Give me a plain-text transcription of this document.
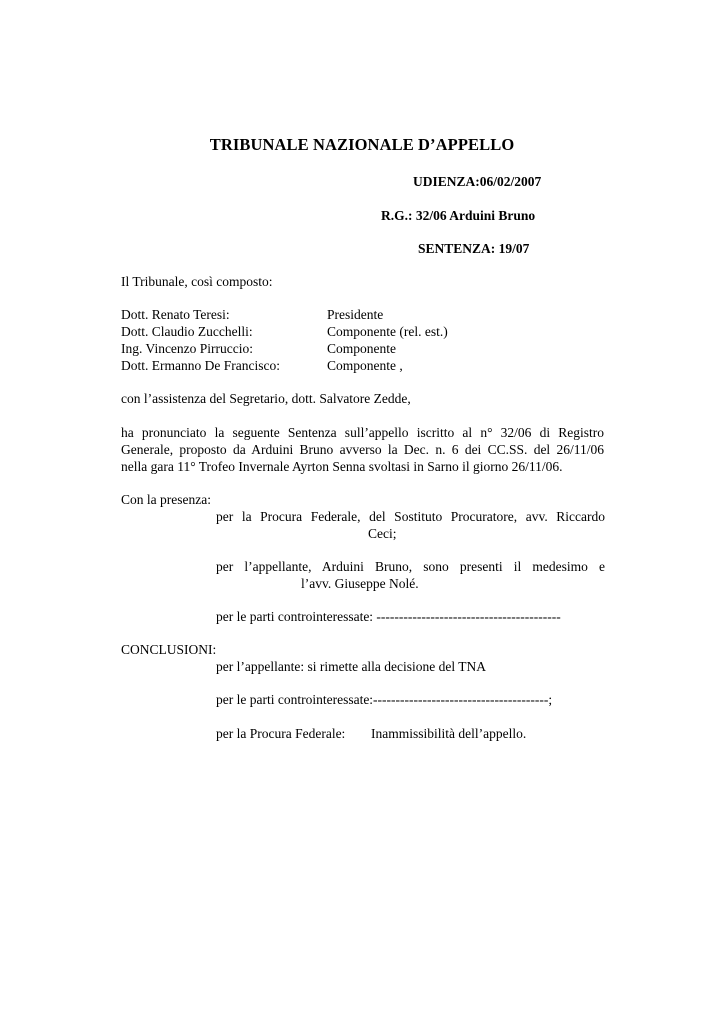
TRIBUNALE NAZIONALE D’APPELLO
UDIENZA:06/02/2007
R.G.: 32/06 Arduini Bruno
SENTENZA: 19/07
Il Tribunale, così composto:
Dott. Renato Teresi:	Presidente
Dott. Claudio Zucchelli:	Componente (rel. est.)
Ing. Vincenzo Pirruccio:	Componente
Dott. Ermanno De Francisco:	Componente ,
con l’assistenza del Segretario, dott. Salvatore Zedde,
ha pronunciato la seguente Sentenza sull’appello iscritto al n° 32/06 di Registro
Generale, proposto da Arduini Bruno avverso la Dec. n. 6 dei CC.SS. del 26/11/06
nella gara 11° Trofeo Invernale Ayrton Senna svoltasi in Sarno il giorno 26/11/06.
Con la presenza:
per la Procura Federale, del Sostituto Procuratore, avv. Riccardo
Ceci;
per l’appellante, Arduini Bruno, sono presenti il medesimo e
l’avv. Giuseppe Nolé.
per le parti controinteressate: -----------------------------------------
CONCLUSIONI:
per l’appellante: si rimette alla decisione del TNA
per le parti controinteressate:---------------------------------------;
per la Procura Federale: Inammissibilità dell’appello.
